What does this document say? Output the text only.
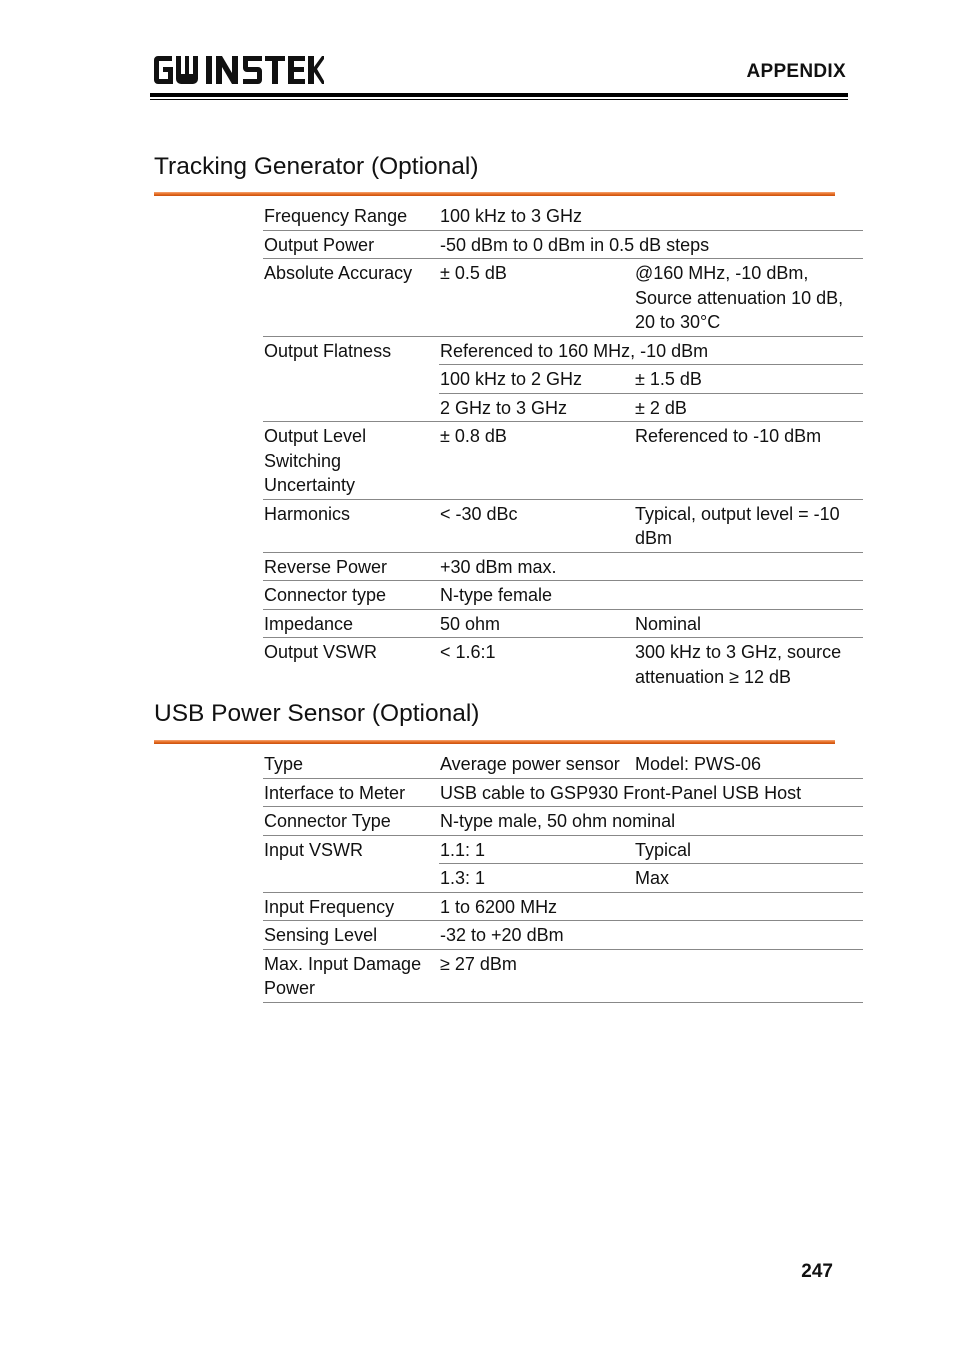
APPENDIX
Tracking Generator (Optional)
Frequency Range	100 kHz to 3 GHz	
Output Power	-50 dBm to 0 dBm in 0.5 dB steps	
Absolute Accuracy	± 0.5 dB	@160 MHz, -10 dBm, Source attenuation 10 dB, 20 to 30°C
Output Flatness	Referenced to 160 MHz, -10 dBm	
	100 kHz to 2 GHz	± 1.5 dB
	2 GHz to 3 GHz	± 2 dB
Output Level Switching Uncertainty	± 0.8 dB	Referenced to -10 dBm
Harmonics	< -30 dBc	Typical, output level = -10 dBm
Reverse Power	+30 dBm max.	
Connector type	N-type female	
Impedance	50 ohm	Nominal
Output VSWR	< 1.6:1	300 kHz to 3 GHz, source attenuation ≥ 12 dB
USB Power Sensor (Optional)
Type	Average power sensor	Model: PWS-06
Interface to Meter	USB cable to GSP930 Front-Panel USB Host	
Connector Type	N-type male, 50 ohm nominal	
Input VSWR	1.1: 1	Typical
	1.3: 1	Max
Input Frequency	1 to 6200 MHz	
Sensing Level	-32 to +20 dBm	
Max. Input Damage Power	≥ 27 dBm	
247
